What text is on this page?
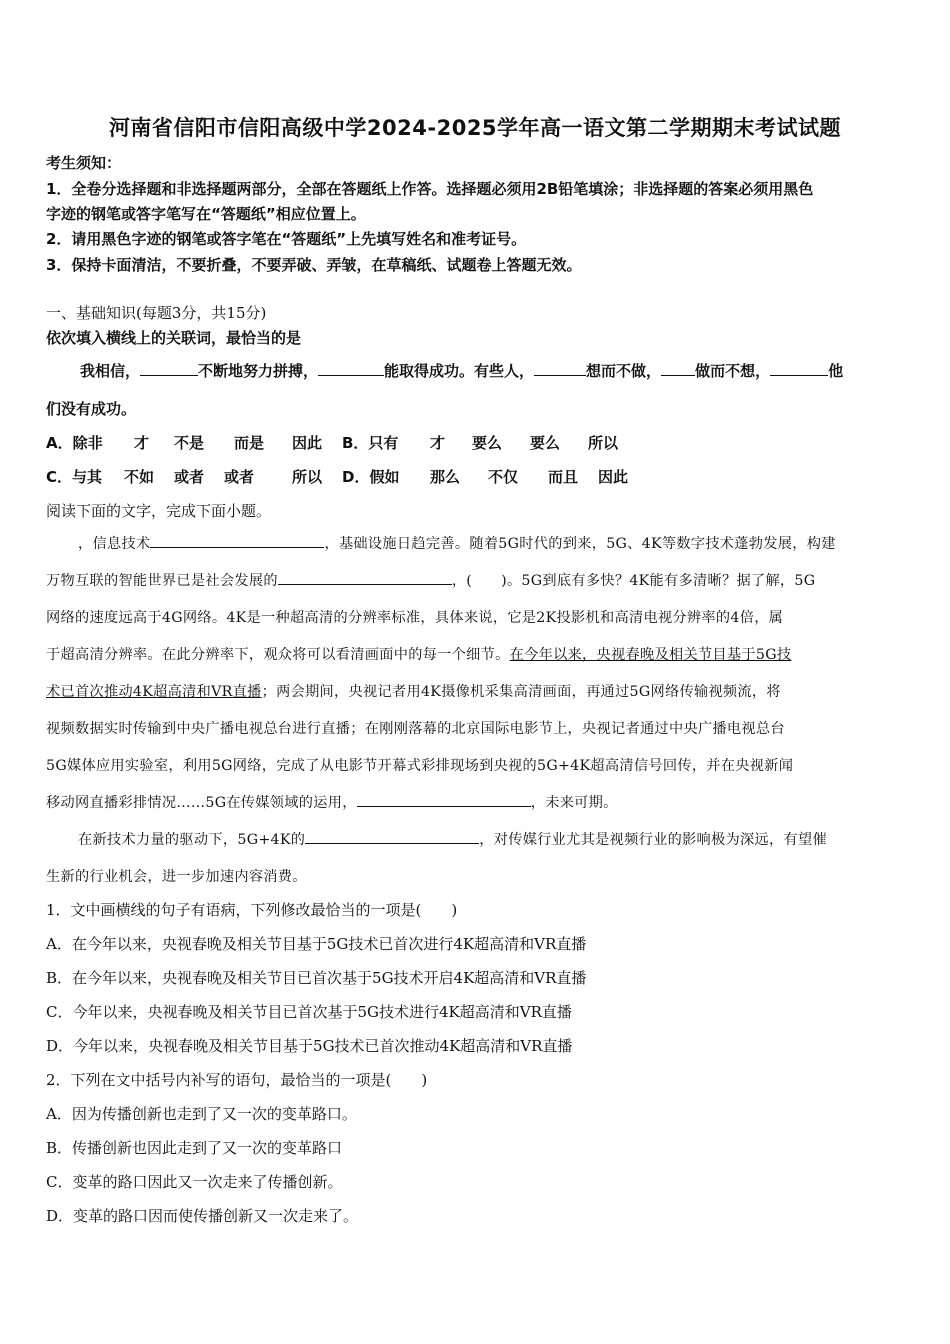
河南省信阳市信阳高级中学2024-2025学年高一语文第二学期期末考试试题
考生须知：
1．全卷分选择题和非选择题两部分，全部在答题纸上作答。选择题必须用2B铅笔填涂；非选择题的答案必须用黑色
字迹的钢笔或答字笔写在“答题纸”相应位置上。
2．请用黑色字迹的钢笔或答字笔在“答题纸”上先填写姓名和准考证号。
3．保持卡面清洁，不要折叠，不要弄破、弄皱，在草稿纸、试题卷上答题无效。
一、基础知识(每题3分，共15分)
依次填入横线上的关联词，最恰当的是
我相信，	不断地努力拼搏，	能取得成功。有些人，	想而不做， 做而不想，	他
们没有成功。
A．除非 才 不是 而是 因此 B．只有 才 要么 要么 所以
C．与其 不如 或者 或者	所以 D．假如 那么 不仅 而且 因此
阅读下面的文字，完成下面小题。
，信息技术	，基础设施日趋完善。随着5G时代的到来，5G、4K等数字技术蓬勃发展，构建
万物互联的智能世界已是社会发展的	，(　　)。5G到底有多快？4K能有多清晰？据了解，5G
网络的速度远高于4G网络。4K是一种超高清的分辨率标准，具体来说，它是2K投影机和高清电视分辨率的4倍，属
于超高清分辨率。在此分辨率下，观众将可以看清画面中的每一个细节。在今年以来，央视春晚及相关节目基于5G技
术已首次推动4K超高清和VR直播；两会期间，央视记者用4K摄像机采集高清画面，再通过5G网络传输视频流，将
视频数据实时传输到中央广播电视总台进行直播；在刚刚落幕的北京国际电影节上，央视记者通过中央广播电视总台
5G媒体应用实验室，利用5G网络，完成了从电影节开幕式彩排现场到央视的5G+4K超高清信号回传，并在央视新闻
移动网直播彩排情况……5G在传媒领域的运用，	，未来可期。
在新技术力量的驱动下，5G+4K的	，对传媒行业尤其是视频行业的影响极为深远，有望催
生新的行业机会，进一步加速内容消费。
1．文中画横线的句子有语病，下列修改最恰当的一项是(　　)
A．在今年以来，央视春晚及相关节目基于5G技术已首次进行4K超高清和VR直播
B．在今年以来，央视春晚及相关节目已首次基于5G技术开启4K超高清和VR直播
C．今年以来，央视春晚及相关节目已首次基于5G技术进行4K超高清和VR直播
D．今年以来，央视春晚及相关节目基于5G技术已首次推动4K超高清和VR直播
2．下列在文中括号内补写的语句，最恰当的一项是(　　)
A．因为传播创新也走到了又一次的变革路口。
B．传播创新也因此走到了又一次的变革路口
C．变革的路口因此又一次走来了传播创新。
D．变革的路口因而使传播创新又一次走来了。
